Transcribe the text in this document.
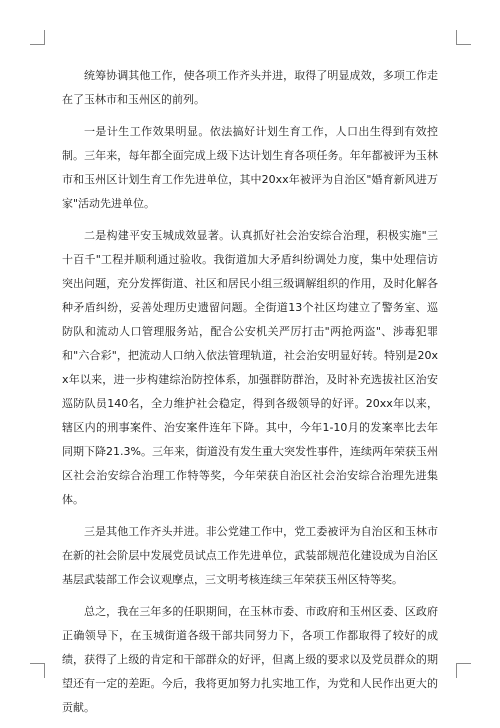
统筹协调其他工作，使各项工作齐头并进，取得了明显成效，多项工作走在了玉林市和玉州区的前列。

一是计生工作效果明显。依法搞好计划生育工作，人口出生得到有效控制。三年来，每年都全面完成上级下达计划生育各项任务。年年都被评为玉林市和玉州区计划生育工作先进单位，其中20xx年被评为自治区"婚育新风进万家"活动先进单位。

二是构建平安玉城成效显著。认真抓好社会治安综合治理，积极实施"三十百千"工程并顺利通过验收。我街道加大矛盾纠纷调处力度，集中处理信访突出问题，充分发挥街道、社区和居民小组三级调解组织的作用，及时化解各种矛盾纠纷，妥善处理历史遗留问题。全街道13个社区均建立了警务室、巡防队和流动人口管理服务站，配合公安机关严厉打击"两抢两盗"、涉毒犯罪和"六合彩"，把流动人口纳入依法管理轨道，社会治安明显好转。特别是20xx年以来，进一步构建综治防控体系，加强群防群治，及时补充选拔社区治安巡防队员140名，全力维护社会稳定，得到各级领导的好评。20xx年以来，辖区内的刑事案件、治安案件连年下降。其中，今年1-10月的发案率比去年同期下降21.3%。三年来，街道没有发生重大突发性事件，连续两年荣获玉州区社会治安综合治理工作特等奖，今年荣获自治区社会治安综合治理先进集体。

三是其他工作齐头并进。非公党建工作中，党工委被评为自治区和玉林市在新的社会阶层中发展党员试点工作先进单位，武装部规范化建设成为自治区基层武装部工作会议观摩点，三文明考核连续三年荣获玉州区特等奖。

总之，我在三年多的任职期间，在玉林市委、市政府和玉州区委、区政府正确领导下，在玉城街道各级干部共同努力下，各项工作都取得了较好的成绩，获得了上级的肯定和干部群众的好评，但离上级的要求以及党员群众的期望还有一定的差距。今后，我将更加努力扎实地工作，为党和人民作出更大的贡献。
